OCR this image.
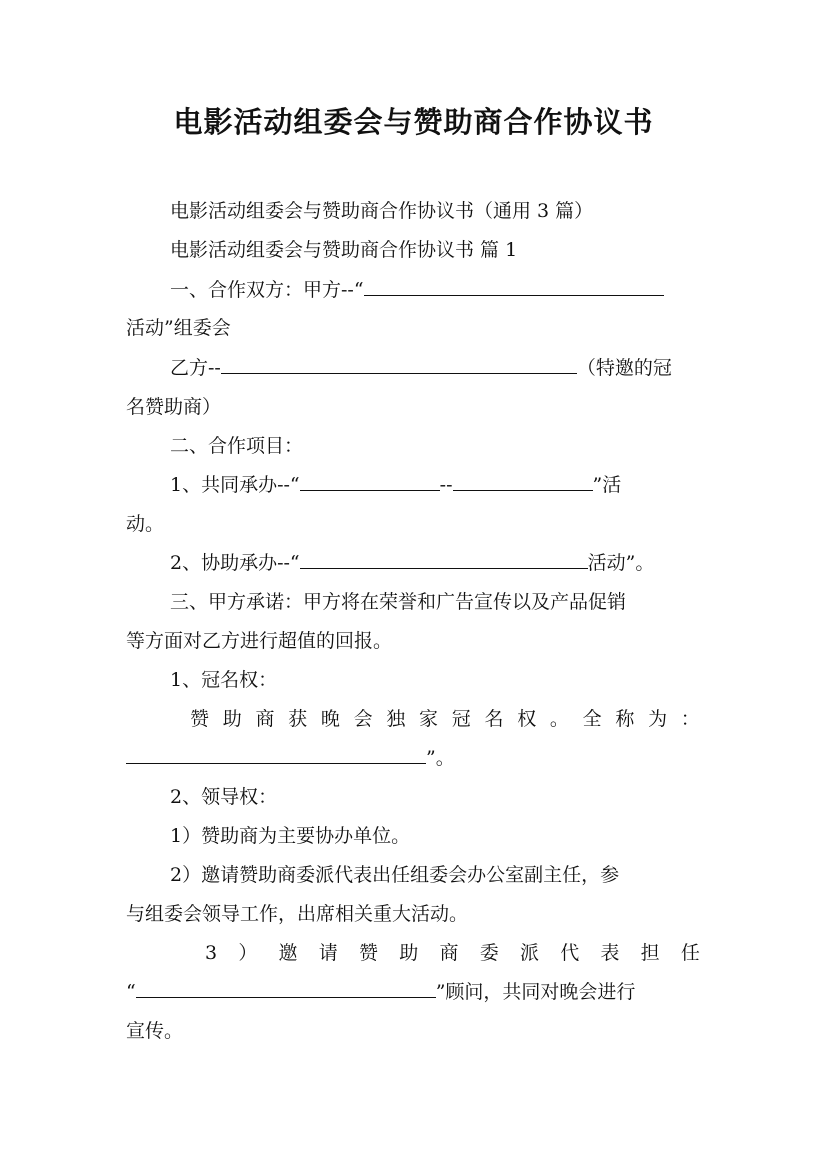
电影活动组委会与赞助商合作协议书
电影活动组委会与赞助商合作协议书（通用 3 篇）
电影活动组委会与赞助商合作协议书 篇 1
一、合作双方：甲方--“
活动”组委会
乙方--	（特邀的冠
名赞助商）
二、合作项目：
1、共同承办--“	--	”活
动。
2、协助承办--“	活动”。
三、甲方承诺：甲方将在荣誉和广告宣传以及产品促销
等方面对乙方进行超值的回报。
1、冠名权：
赞 助 商 获 晚 会 独 家 冠 名 权 。 全 称 为 ：
”。
2、领导权：
1）赞助商为主要协办单位。
2）邀请赞助商委派代表出任组委会办公室副主任，参
与组委会领导工作，出席相关重大活动。
3 ） 邀 请 赞 助 商 委 派 代 表 担 任
“	”顾问，共同对晚会进行
宣传。
